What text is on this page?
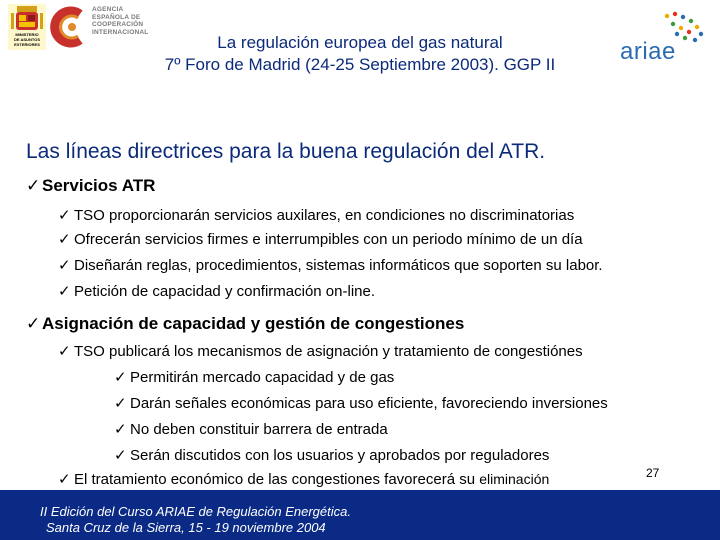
MINISTERIO
DE ASUNTOS
EXTERIORES
AGENCIA
ESPAÑOLA DE
COOPERACIÓN
INTERNACIONAL
La regulación europea del gas natural
7º Foro de Madrid (24-25 Septiembre 2003). GGP II	ariae
Las líneas directrices para la buena regulación del ATR.
✓ Servicios ATR
✓ TSO proporcionarán servicios auxilares, en condiciones no discriminatorias
✓ Ofrecerán servicios firmes e interrumpibles con un periodo mínimo de un día
✓ Diseñarán reglas, procedimientos, sistemas informáticos que soporten su labor.
✓ Petición de capacidad y confirmación on-line.
✓ Asignación de capacidad y gestión de congestiones
✓ TSO publicará los mecanismos de asignación y tratamiento de congestiónes
✓ Permitirán mercado capacidad y de gas
✓ Darán señales económicas para uso eficiente, favoreciendo inversiones
✓ No deben constituir barrera de entrada
✓ Serán discutidos con los usuarios y aprobados por reguladores
✓ El tratamiento económico de las congestiones favorecerá su eliminación	27
II Edición del Curso ARIAE de Regulación Energética.
Santa Cruz de la Sierra, 15 - 19 noviembre 2004
